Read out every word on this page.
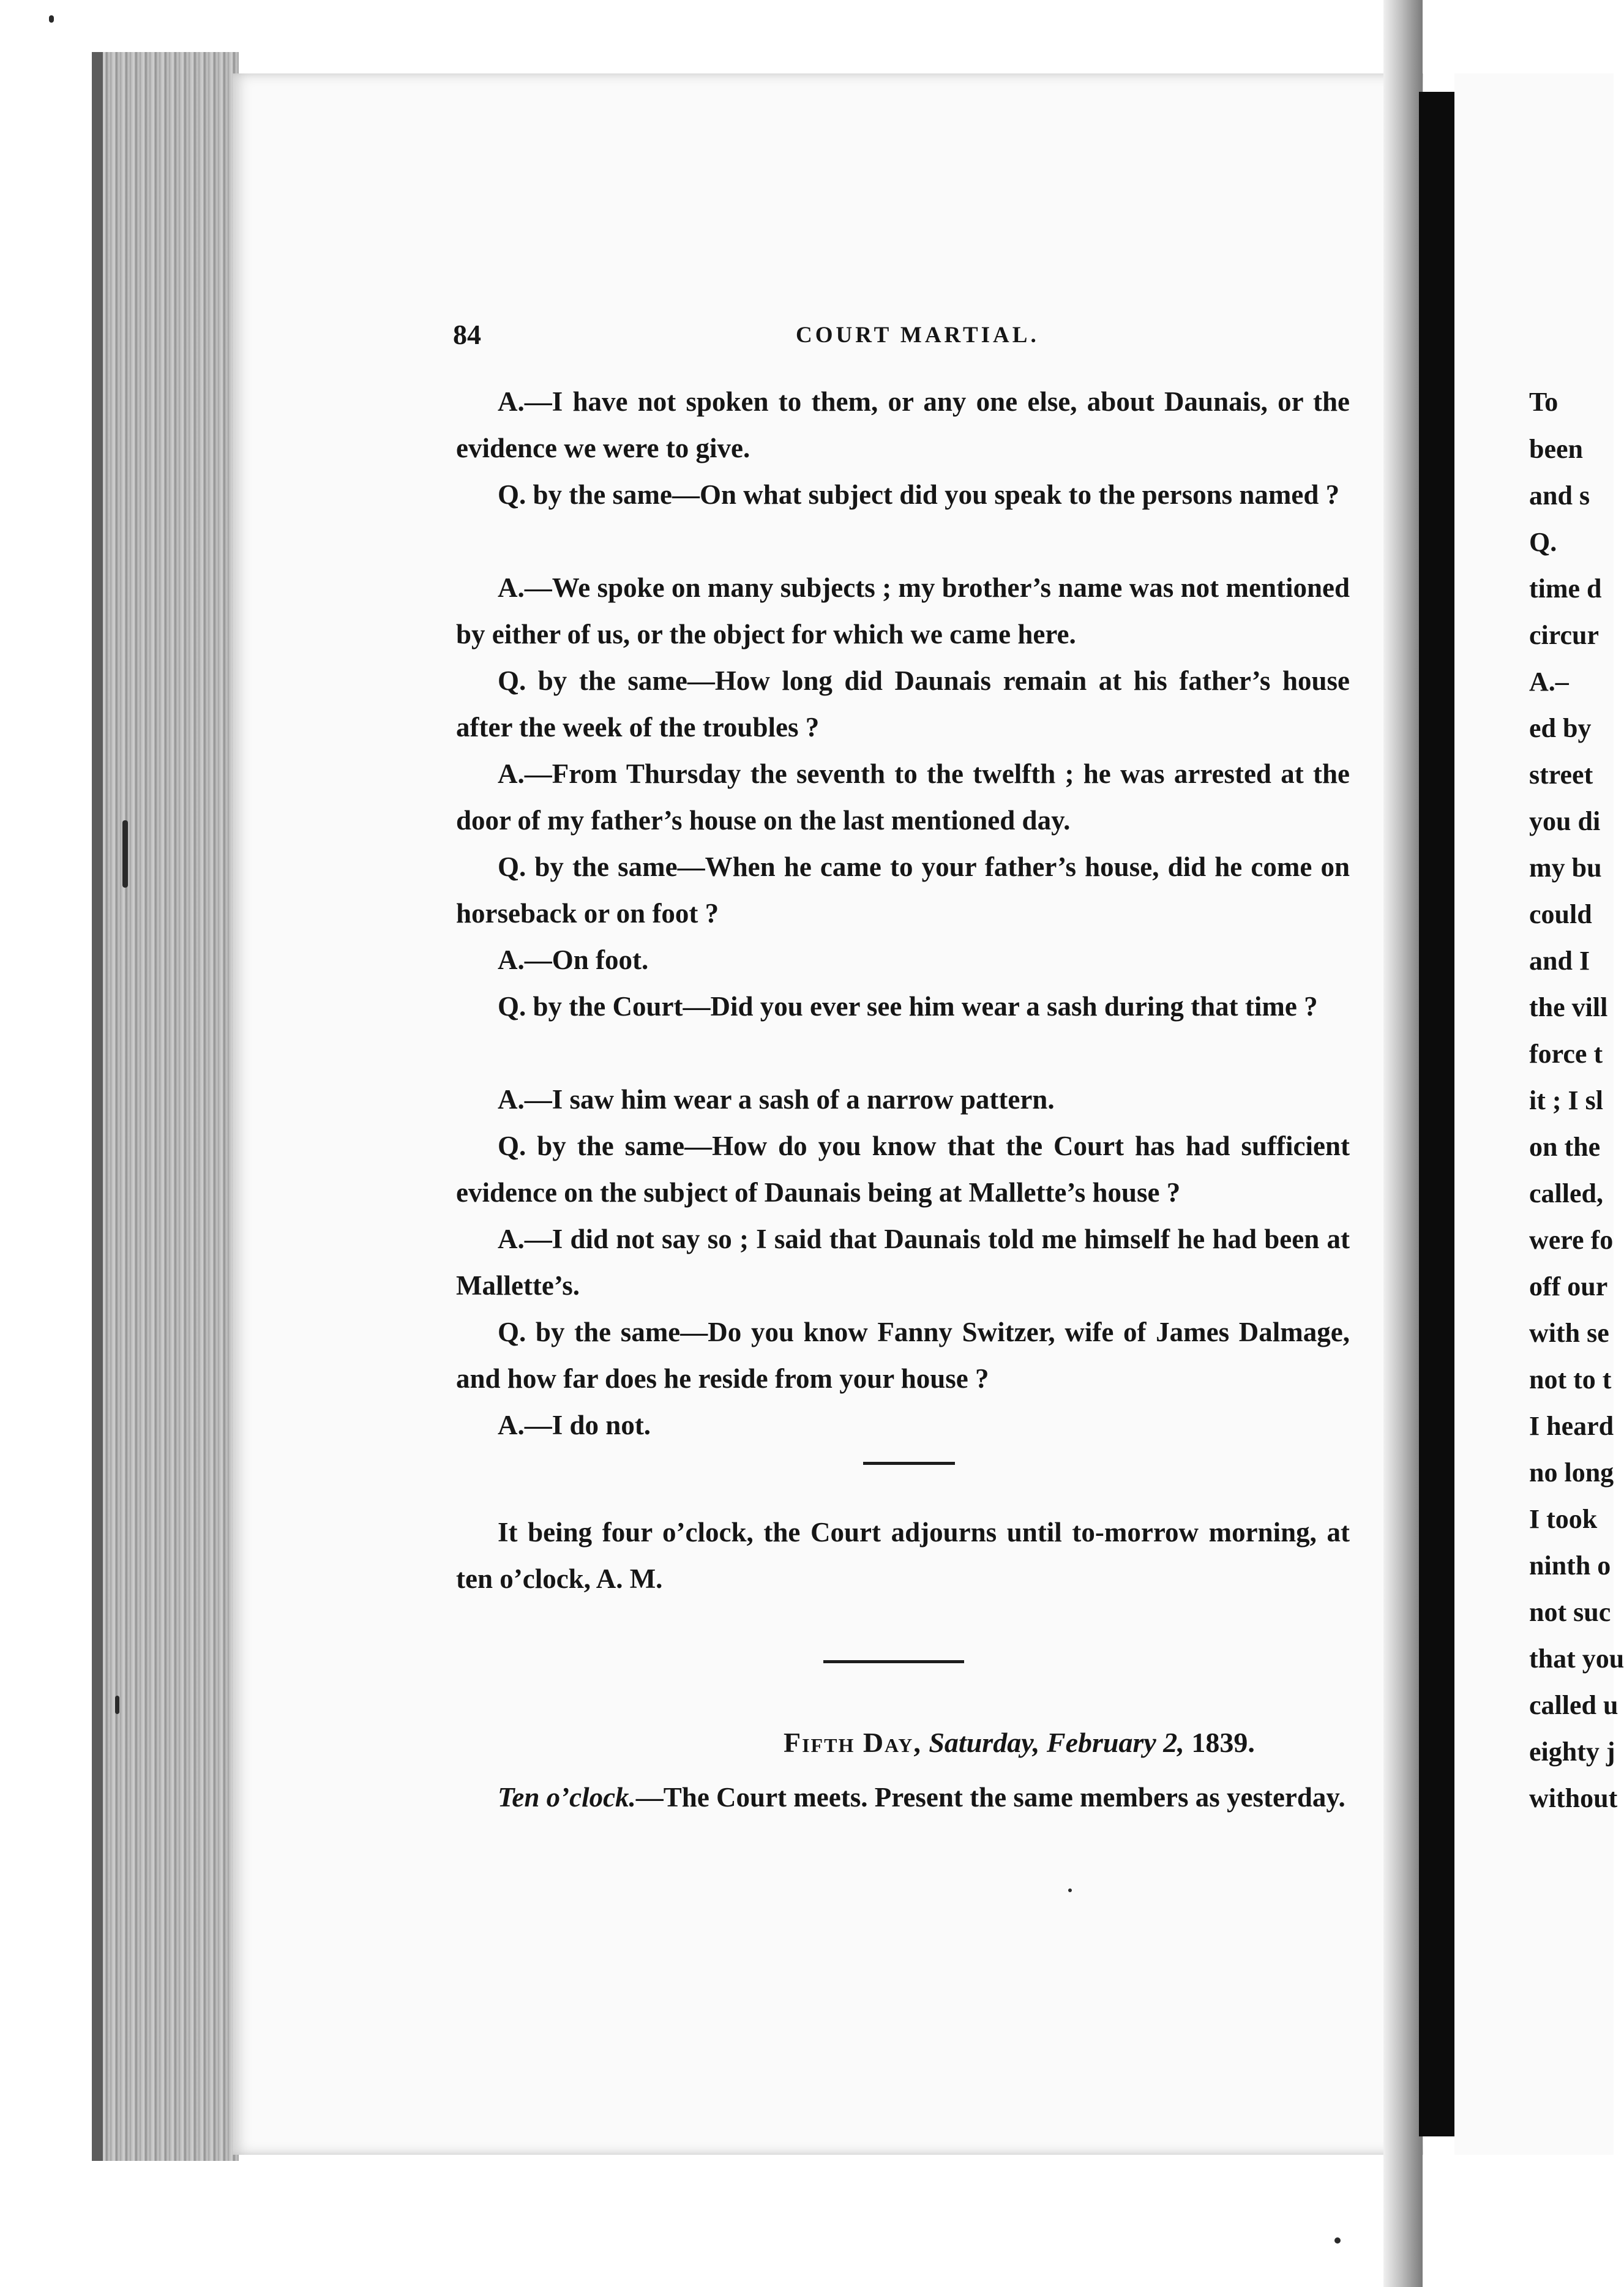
84	COURT MARTIAL.

A.—I have not spoken to them, or any one else, about Daunais, or the evidence we were to give.

Q. by the same—On what subject did you speak to the persons named ?

A.—We spoke on many subjects ; my brother’s name was not mentioned by either of us, or the object for which we came here.

Q. by the same—How long did Daunais remain at his father’s house after the week of the troubles ?

A.—From Thursday the seventh to the twelfth ; he was arrested at the door of my father’s house on the last mentioned day.

Q. by the same—When he came to your father’s house, did he come on horseback or on foot ?

A.—On foot.

Q. by the Court—Did you ever see him wear a sash during that time ?

A.—I saw him wear a sash of a narrow pattern.

Q. by the same—How do you know that the Court has had sufficient evidence on the subject of Daunais being at Mallette’s house ?

A.—I did not say so ; I said that Daunais told me himself he had been at Mallette’s.

Q. by the same—Do you know Fanny Switzer, wife of James Dalmage, and how far does he reside from your house ?

A.—I do not.

It being four o’clock, the Court adjourns until to-morrow morning, at ten o’clock, A. M.

Fifth Day, Saturday, February 2, 1839.

Ten o’clock.—The Court meets. Present the same members as yesterday.

To
been
and s
Q.
time d
circur
A.–
ed by
street
you di
my bu
could
and I
the vill
force t
it ; I sl
on the
called,
were fo
off our
with se
not to t
I heard
no long
I took
ninth o
not suc
that you
called u
eighty j
without
